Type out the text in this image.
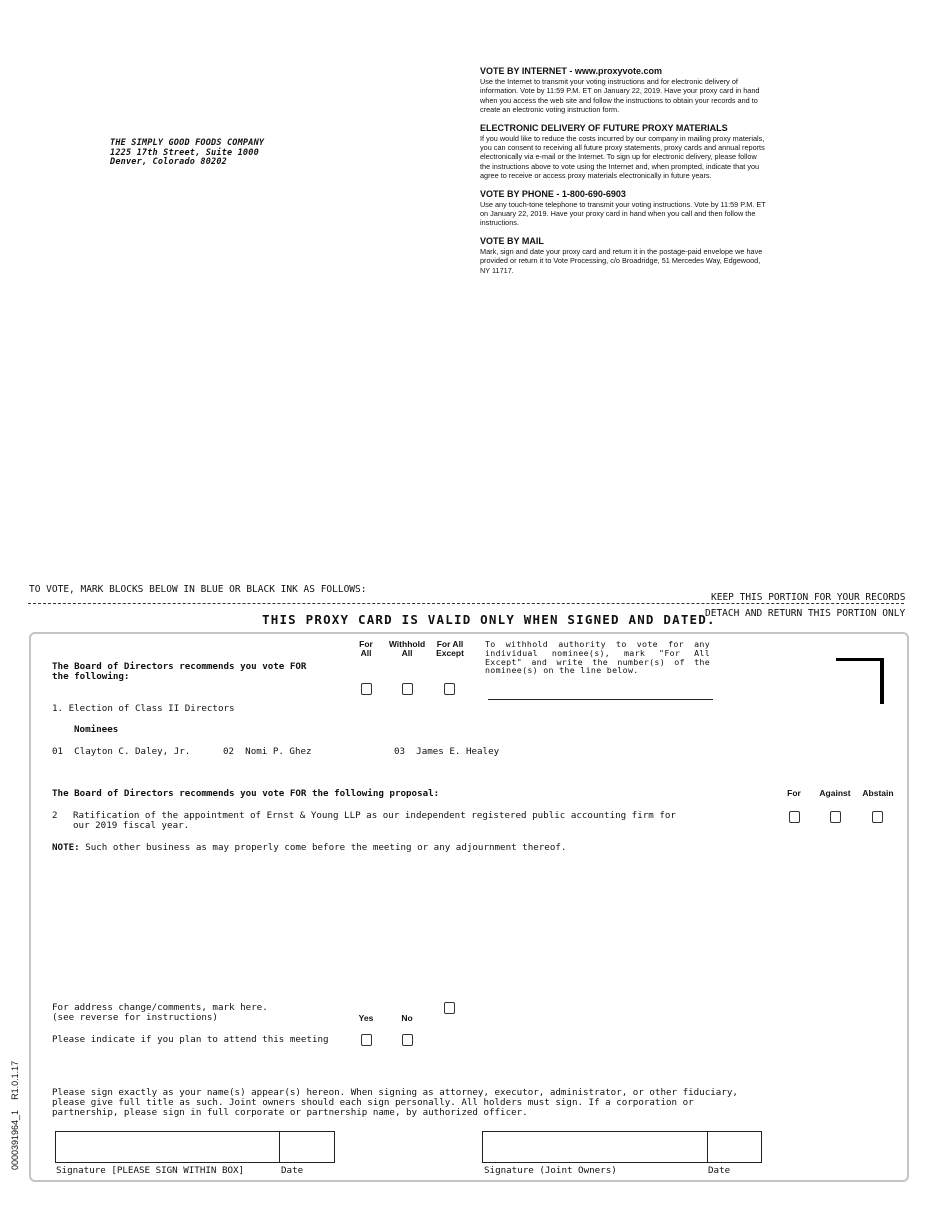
THE SIMPLY GOOD FOODS COMPANY
1225 17th Street, Suite 1000
Denver, Colorado 80202
VOTE BY INTERNET - www.proxyvote.com
Use the Internet to transmit your voting instructions and for electronic delivery of
information. Vote by 11:59 P.M. ET on January 22, 2019. Have your proxy card in hand
when you access the web site and follow the instructions to obtain your records and to
create an electronic voting instruction form.
ELECTRONIC DELIVERY OF FUTURE PROXY MATERIALS
If you would like to reduce the costs incurred by our company in mailing proxy materials,
you can consent to receiving all future proxy statements, proxy cards and annual reports
electronically via e-mail or the Internet. To sign up for electronic delivery, please follow
the instructions above to vote using the Internet and, when prompted, indicate that you
agree to receive or access proxy materials electronically in future years.
VOTE BY PHONE - 1-800-690-6903
Use any touch-tone telephone to transmit your voting instructions. Vote by 11:59 P.M. ET
on January 22, 2019. Have your proxy card in hand when you call and then follow the
instructions.
VOTE BY MAIL
Mark, sign and date your proxy card and return it in the postage-paid envelope we have
provided or return it to Vote Processing, c/o Broadridge, 51 Mercedes Way, Edgewood,
NY 11717.
TO VOTE, MARK BLOCKS BELOW IN BLUE OR BLACK INK AS FOLLOWS:
KEEP THIS PORTION FOR YOUR RECORDS
DETACH AND RETURN THIS PORTION ONLY
THIS PROXY CARD IS VALID ONLY WHEN SIGNED AND DATED.
The Board of Directors recommends you vote FOR
the following:
For
All
Withhold
All
For All
Except
To withhold authority to vote for any individual nominee(s), mark "For All Except" and write the number(s) of the nominee(s) on the line below.
1. Election of Class II Directors
Nominees
01 Clayton C. Daley, Jr.	02 Nomi P. Ghez	03 James E. Healey
The Board of Directors recommends you vote FOR the following proposal:	For	Against	Abstain
2 Ratification of the appointment of Ernst & Young LLP as our independent registered public accounting firm for
our 2019 fiscal year.
NOTE: Such other business as may properly come before the meeting or any adjournment thereof.
For address change/comments, mark here.
(see reverse for instructions)	Yes	No
Please indicate if you plan to attend this meeting
Please sign exactly as your name(s) appear(s) hereon. When signing as attorney, executor, administrator, or other fiduciary,
please give full title as such. Joint owners should each sign personally. All holders must sign. If a corporation or
partnership, please sign in full corporate or partnership name, by authorized officer.
Signature [PLEASE SIGN WITHIN BOX]	Date	Signature (Joint Owners)	Date
0000391964_1    R1.0.1.17
